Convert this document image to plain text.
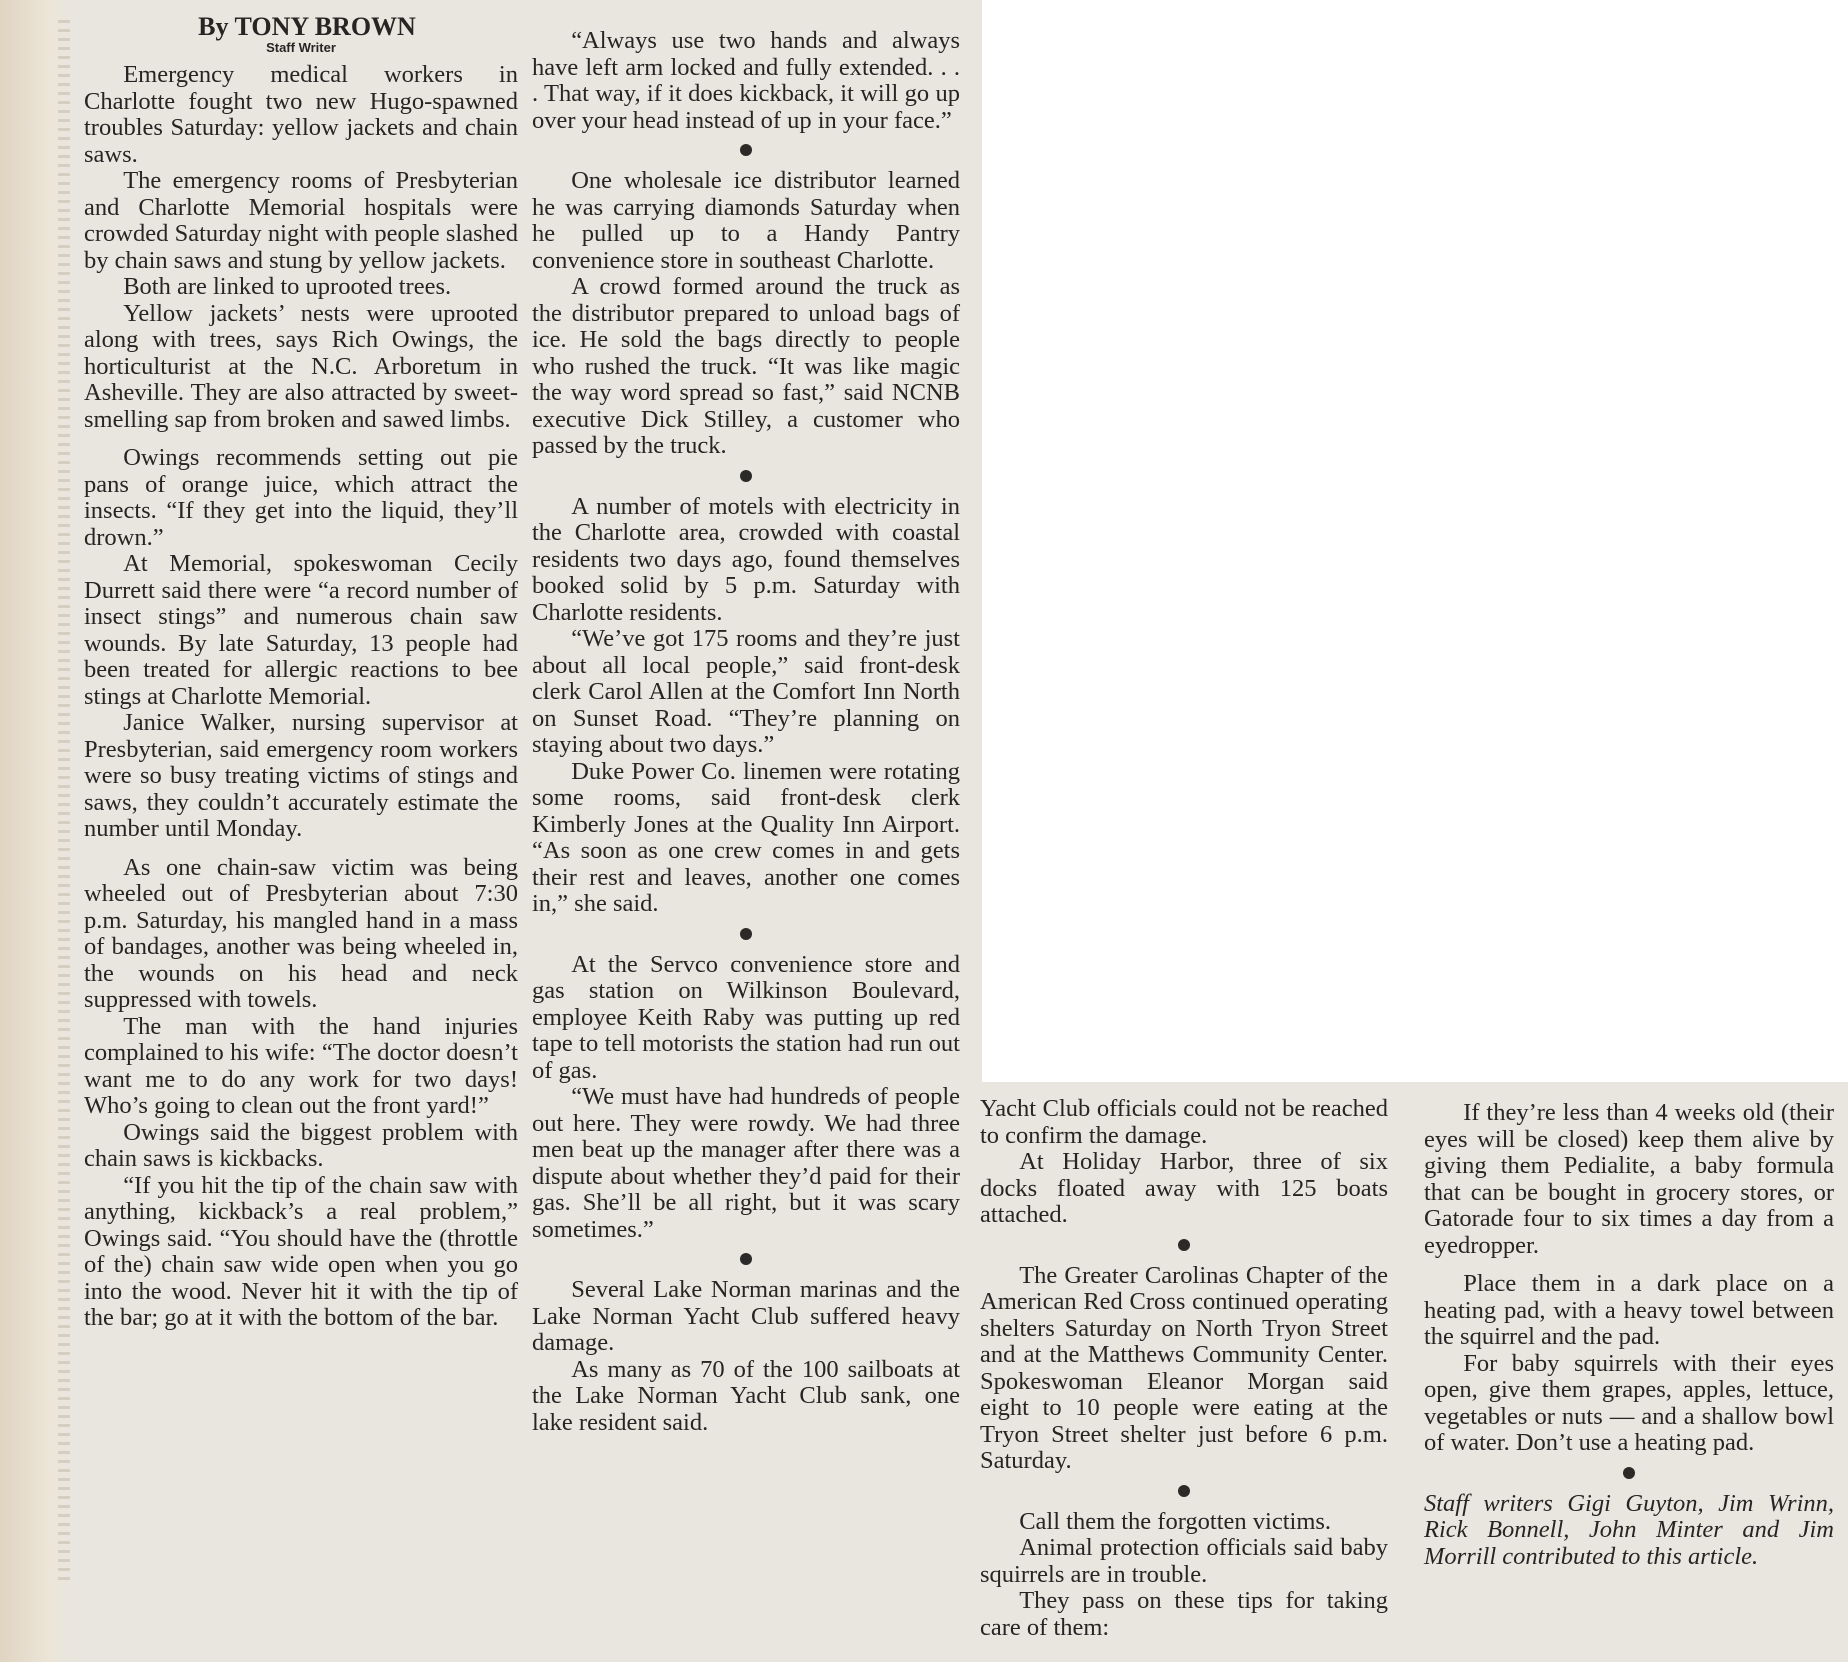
By TONY BROWN
Staff Writer

Emergency medical workers in Charlotte fought two new Hugo-spawned troubles Saturday: yellow jackets and chain saws.

The emergency rooms of Presbyterian and Charlotte Memorial hospitals were crowded Saturday night with people slashed by chain saws and stung by yellow jackets.

Both are linked to uprooted trees.

Yellow jackets’ nests were uprooted along with trees, says Rich Owings, the horticulturist at the N.C. Arboretum in Asheville. They are also attracted by sweet-smelling sap from broken and sawed limbs.

Owings recommends setting out pie pans of orange juice, which attract the insects. “If they get into the liquid, they’ll drown.”

At Memorial, spokeswoman Cecily Durrett said there were “a record number of insect stings” and numerous chain saw wounds. By late Saturday, 13 people had been treated for allergic reactions to bee stings at Charlotte Memorial.

Janice Walker, nursing supervisor at Presbyterian, said emergency room workers were so busy treating victims of stings and saws, they couldn’t accurately estimate the number until Monday.

As one chain-saw victim was being wheeled out of Presbyterian about 7:30 p.m. Saturday, his mangled hand in a mass of bandages, another was being wheeled in, the wounds on his head and neck suppressed with towels.

The man with the hand injuries complained to his wife: “The doctor doesn’t want me to do any work for two days! Who’s going to clean out the front yard!”

Owings said the biggest problem with chain saws is kickbacks.

“If you hit the tip of the chain saw with anything, kickback’s a real problem,” Owings said. “You should have the (throttle of the) chain saw wide open when you go into the wood. Never hit it with the tip of the bar; go at it with the bottom of the bar.

“Always use two hands and always have left arm locked and fully extended. . . . That way, if it does kickback, it will go up over your head instead of up in your face.”

One wholesale ice distributor learned he was carrying diamonds Saturday when he pulled up to a Handy Pantry convenience store in southeast Charlotte.

A crowd formed around the truck as the distributor prepared to unload bags of ice. He sold the bags directly to people who rushed the truck. “It was like magic the way word spread so fast,” said NCNB executive Dick Stilley, a customer who passed by the truck.

A number of motels with electricity in the Charlotte area, crowded with coastal residents two days ago, found themselves booked solid by 5 p.m. Saturday with Charlotte residents.

“We’ve got 175 rooms and they’re just about all local people,” said front-desk clerk Carol Allen at the Comfort Inn North on Sunset Road. “They’re planning on staying about two days.”

Duke Power Co. linemen were rotating some rooms, said front-desk clerk Kimberly Jones at the Quality Inn Airport. “As soon as one crew comes in and gets their rest and leaves, another one comes in,” she said.

At the Servco convenience store and gas station on Wilkinson Boulevard, employee Keith Raby was putting up red tape to tell motorists the station had run out of gas.

“We must have had hundreds of people out here. They were rowdy. We had three men beat up the manager after there was a dispute about whether they’d paid for their gas. She’ll be all right, but it was scary sometimes.”

Several Lake Norman marinas and the Lake Norman Yacht Club suffered heavy damage.

As many as 70 of the 100 sailboats at the Lake Norman Yacht Club sank, one lake resident said.

Yacht Club officials could not be reached to confirm the damage.

At Holiday Harbor, three of six docks floated away with 125 boats attached.

The Greater Carolinas Chapter of the American Red Cross continued operating shelters Saturday on North Tryon Street and at the Matthews Community Center. Spokeswoman Eleanor Morgan said eight to 10 people were eating at the Tryon Street shelter just before 6 p.m. Saturday.

Call them the forgotten victims.

Animal protection officials said baby squirrels are in trouble.

They pass on these tips for taking care of them:

If they’re less than 4 weeks old (their eyes will be closed) keep them alive by giving them Pedialite, a baby formula that can be bought in grocery stores, or Gatorade four to six times a day from a eyedropper.

Place them in a dark place on a heating pad, with a heavy towel between the squirrel and the pad.

For baby squirrels with their eyes open, give them grapes, apples, lettuce, vegetables or nuts — and a shallow bowl of water. Don’t use a heating pad.

Staff writers Gigi Guyton, Jim Wrinn, Rick Bonnell, John Minter and Jim Morrill contributed to this article.
